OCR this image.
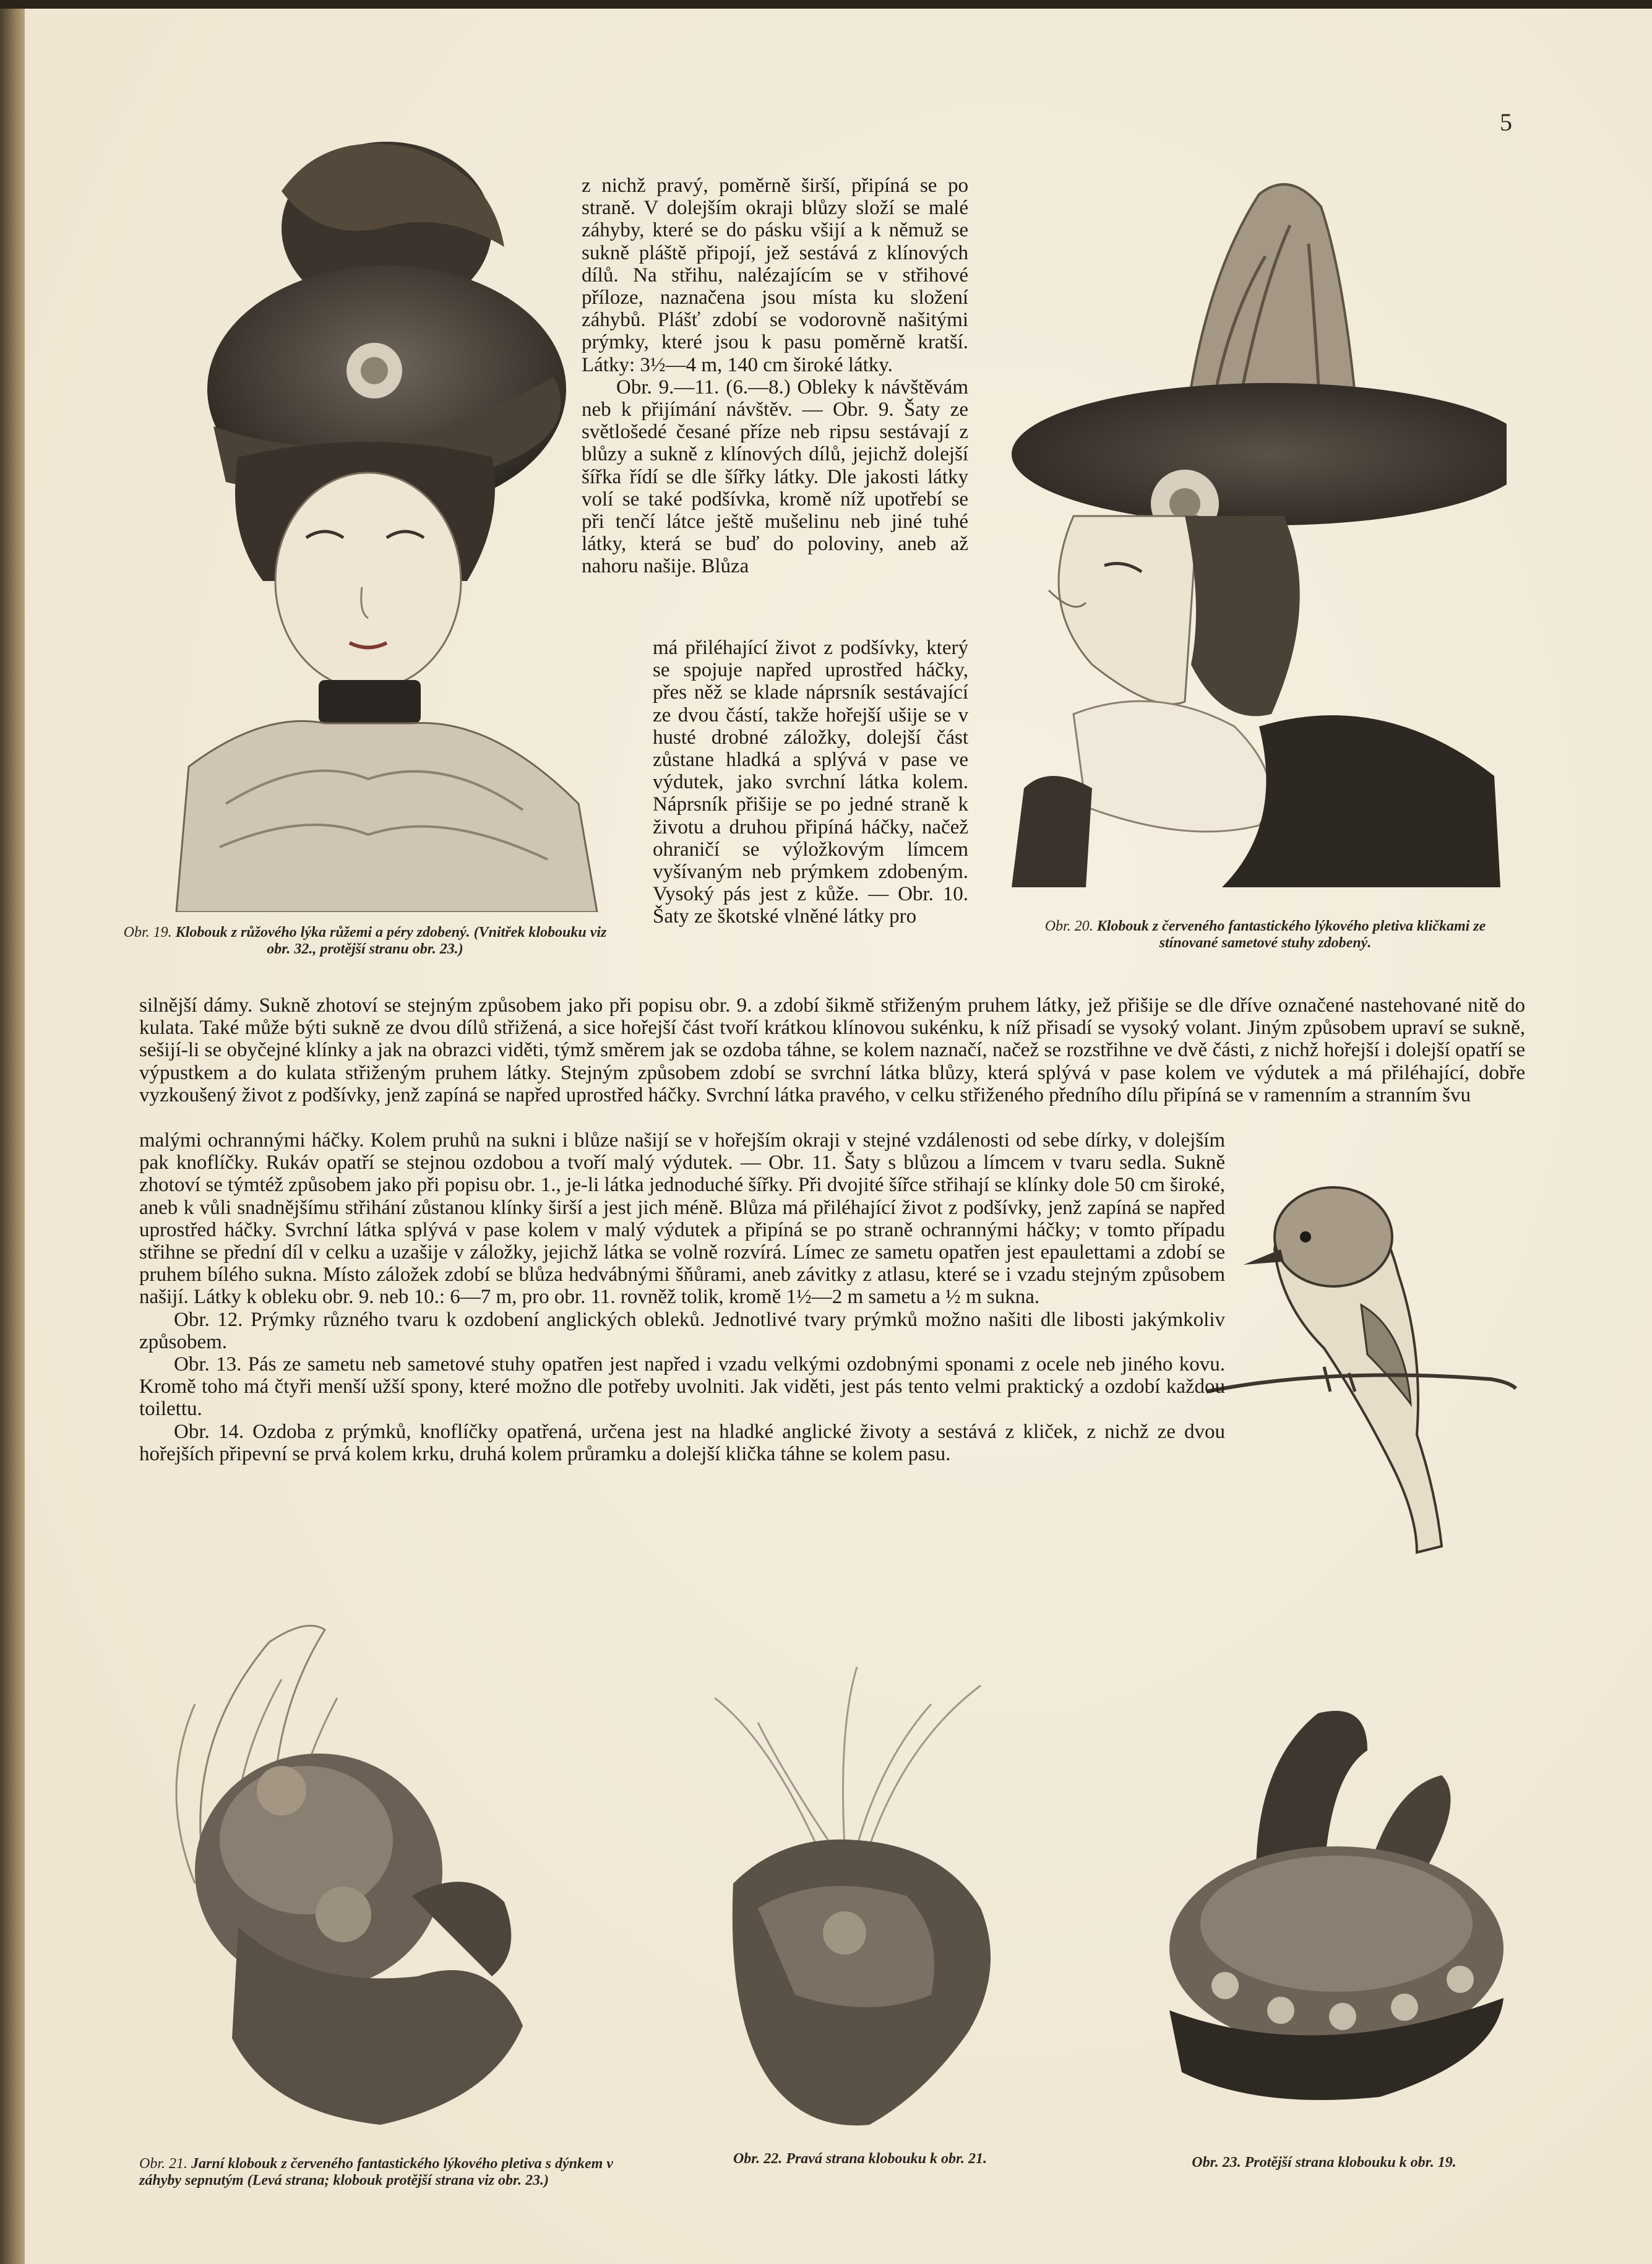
5
Obr. 19. Klobouk z růžového lýka růžemi a péry zdobený. (Vnitřek klobouku viz obr. 32., protější stranu obr. 23.)
Obr. 20. Klobouk z červeného fantastického lýkového pletiva kličkami ze stínované sametové stuhy zdobený.

z nichž pravý, poměrně širší, připíná se po straně. V dolejším okraji blůzy složí se malé záhyby, které se do pásku všijí a k němuž se sukně pláště připojí, jež sestává z klínových dílů. Na střihu, nalézajícím se v střihové příloze, naznačena jsou místa ku složení záhybů. Plášť zdobí se vodorovně našitými prýmky, které jsou k pasu poměrně kratší. Látky: 3½—4 m, 140 cm široké látky.

Obr. 9.—11. (6.—8.) Obleky k návštěvám neb k přijímání návštěv. — Obr. 9. Šaty ze světlošedé česané příze neb ripsu sestávají z blůzy a sukně z klínových dílů, jejichž dolejší šířka řídí se dle šířky látky. Dle jakosti látky volí se také podšívka, kromě níž upotřebí se při tenčí látce ještě mušelinu neb jiné tuhé látky, která se buď do poloviny, aneb až nahoru našije. Blůza

má přiléhající život z podšívky, který se spojuje napřed uprostřed háčky, přes něž se klade náprsník sestávající ze dvou částí, takže hořejší ušije se v husté drobné záložky, dolejší část zůstane hladká a splývá v pase ve výdutek, jako svrchní látka kolem. Náprsník přišije se po jedné straně k životu a druhou připíná háčky, načež ohraničí se výložkovým límcem vyšívaným neb prýmkem zdobeným. Vysoký pás jest z kůže. — Obr. 10. Šaty ze škotské vlněné látky pro

silnější dámy. Sukně zhotoví se stejným způsobem jako při popisu obr. 9. a zdobí šikmě střiženým pruhem látky, jež přišije se dle dříve označené nastehované nitě do kulata. Také může býti sukně ze dvou dílů střižená, a sice hořejší část tvoří krátkou klínovou sukénku, k níž přisadí se vysoký volant. Jiným způsobem upraví se sukně, sešijí-li se obyčejné klínky a jak na obrazci viděti, týmž směrem jak se ozdoba táhne, se kolem naznačí, načež se rozstřihne ve dvě části, z nichž hořejší i dolejší opatří se výpustkem a do kulata střiženým pruhem látky. Stejným způsobem zdobí se svrchní látka blůzy, která splývá v pase kolem ve výdutek a má přiléhající, dobře vyzkoušený život z podšívky, jenž zapíná se napřed uprostřed háčky. Svrchní látka pravého, v celku střiženého předního dílu připíná se v ramenním a stranním švu

malými ochrannými háčky. Kolem pruhů na sukni i blůze našijí se v hořejším okraji v stejné vzdálenosti od sebe dírky, v dolejším pak knoflíčky. Rukáv opatří se stejnou ozdobou a tvoří malý výdutek. — Obr. 11. Šaty s blůzou a límcem v tvaru sedla. Sukně zhotoví se týmtéž způsobem jako při popisu obr. 1., je-li látka jednoduché šířky. Při dvojité šířce střihají se klínky dole 50 cm široké, aneb k vůli snadnějšímu střihání zůstanou klínky širší a jest jich méně. Blůza má přiléhající život z podšívky, jenž zapíná se napřed uprostřed háčky. Svrchní látka splývá v pase kolem v malý výdutek a připíná se po straně ochrannými háčky; v tomto případu střihne se přední díl v celku a uzašije v záložky, jejichž látka se volně rozvírá. Límec ze sametu opatřen jest epaulettami a zdobí se pruhem bílého sukna. Místo záložek zdobí se blůza hedvábnými šňůrami, aneb závitky z atlasu, které se i vzadu stejným způsobem našijí. Látky k obleku obr. 9. neb 10.: 6—7 m, pro obr. 11. rovněž tolik, kromě 1½—2 m sametu a ½ m sukna.

Obr. 12. Prýmky různého tvaru k ozdobení anglických obleků. Jednotlivé tvary prýmků možno našiti dle libosti jakýmkoliv způsobem.

Obr. 13. Pás ze sametu neb sametové stuhy opatřen jest napřed i vzadu velkými ozdobnými sponami z ocele neb jiného kovu. Kromě toho má čtyři menší užší spony, které možno dle potřeby uvolniti. Jak viděti, jest pás tento velmi praktický a ozdobí každou toilettu.

Obr. 14. Ozdoba z prýmků, knoflíčky opatřená, určena jest na hladké anglické životy a sestává z kliček, z nichž ze dvou hořejších připevní se prvá kolem krku, druhá kolem průramku a dolejší klička táhne se kolem pasu.

Obr. 21. Jarní klobouk z červeného fantastického lýkového pletiva s dýnkem v záhyby sepnutým (Levá strana; klobouk protější strana viz obr. 23.)
Obr. 22. Pravá strana klobouku k obr. 21.	Obr. 23. Protější strana klobouku k obr. 19.
